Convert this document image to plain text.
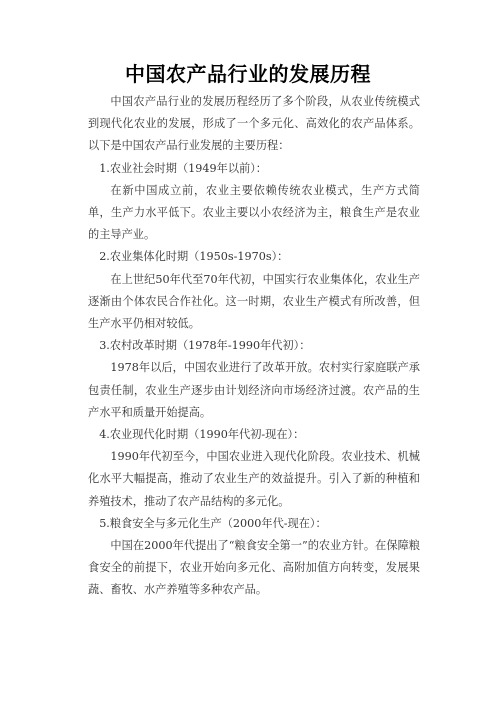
中国农产品行业的发展历程

中国农产品行业的发展历程经历了多个阶段，从农业传统模式到现代化农业的发展，形成了一个多元化、高效化的农产品体系。以下是中国农产品行业发展的主要历程：

1.农业社会时期（1949年以前）：

在新中国成立前，农业主要依赖传统农业模式，生产方式简单，生产力水平低下。农业主要以小农经济为主，粮食生产是农业的主导产业。

2.农业集体化时期（1950s-1970s）：

在上世纪50年代至70年代初，中国实行农业集体化，农业生产逐渐由个体农民合作社化。这一时期，农业生产模式有所改善，但生产水平仍相对较低。

3.农村改革时期（1978年-1990年代初）：

1978年以后，中国农业进行了改革开放。农村实行家庭联产承包责任制，农业生产逐步由计划经济向市场经济过渡。农产品的生产水平和质量开始提高。

4.农业现代化时期（1990年代初-现在）：

1990年代初至今，中国农业进入现代化阶段。农业技术、机械化水平大幅提高，推动了农业生产的效益提升。引入了新的种植和养殖技术，推动了农产品结构的多元化。

5.粮食安全与多元化生产（2000年代-现在）：

中国在2000年代提出了“粮食安全第一”的农业方针。在保障粮食安全的前提下，农业开始向多元化、高附加值方向转变，发展果蔬、畜牧、水产养殖等多种农产品。
